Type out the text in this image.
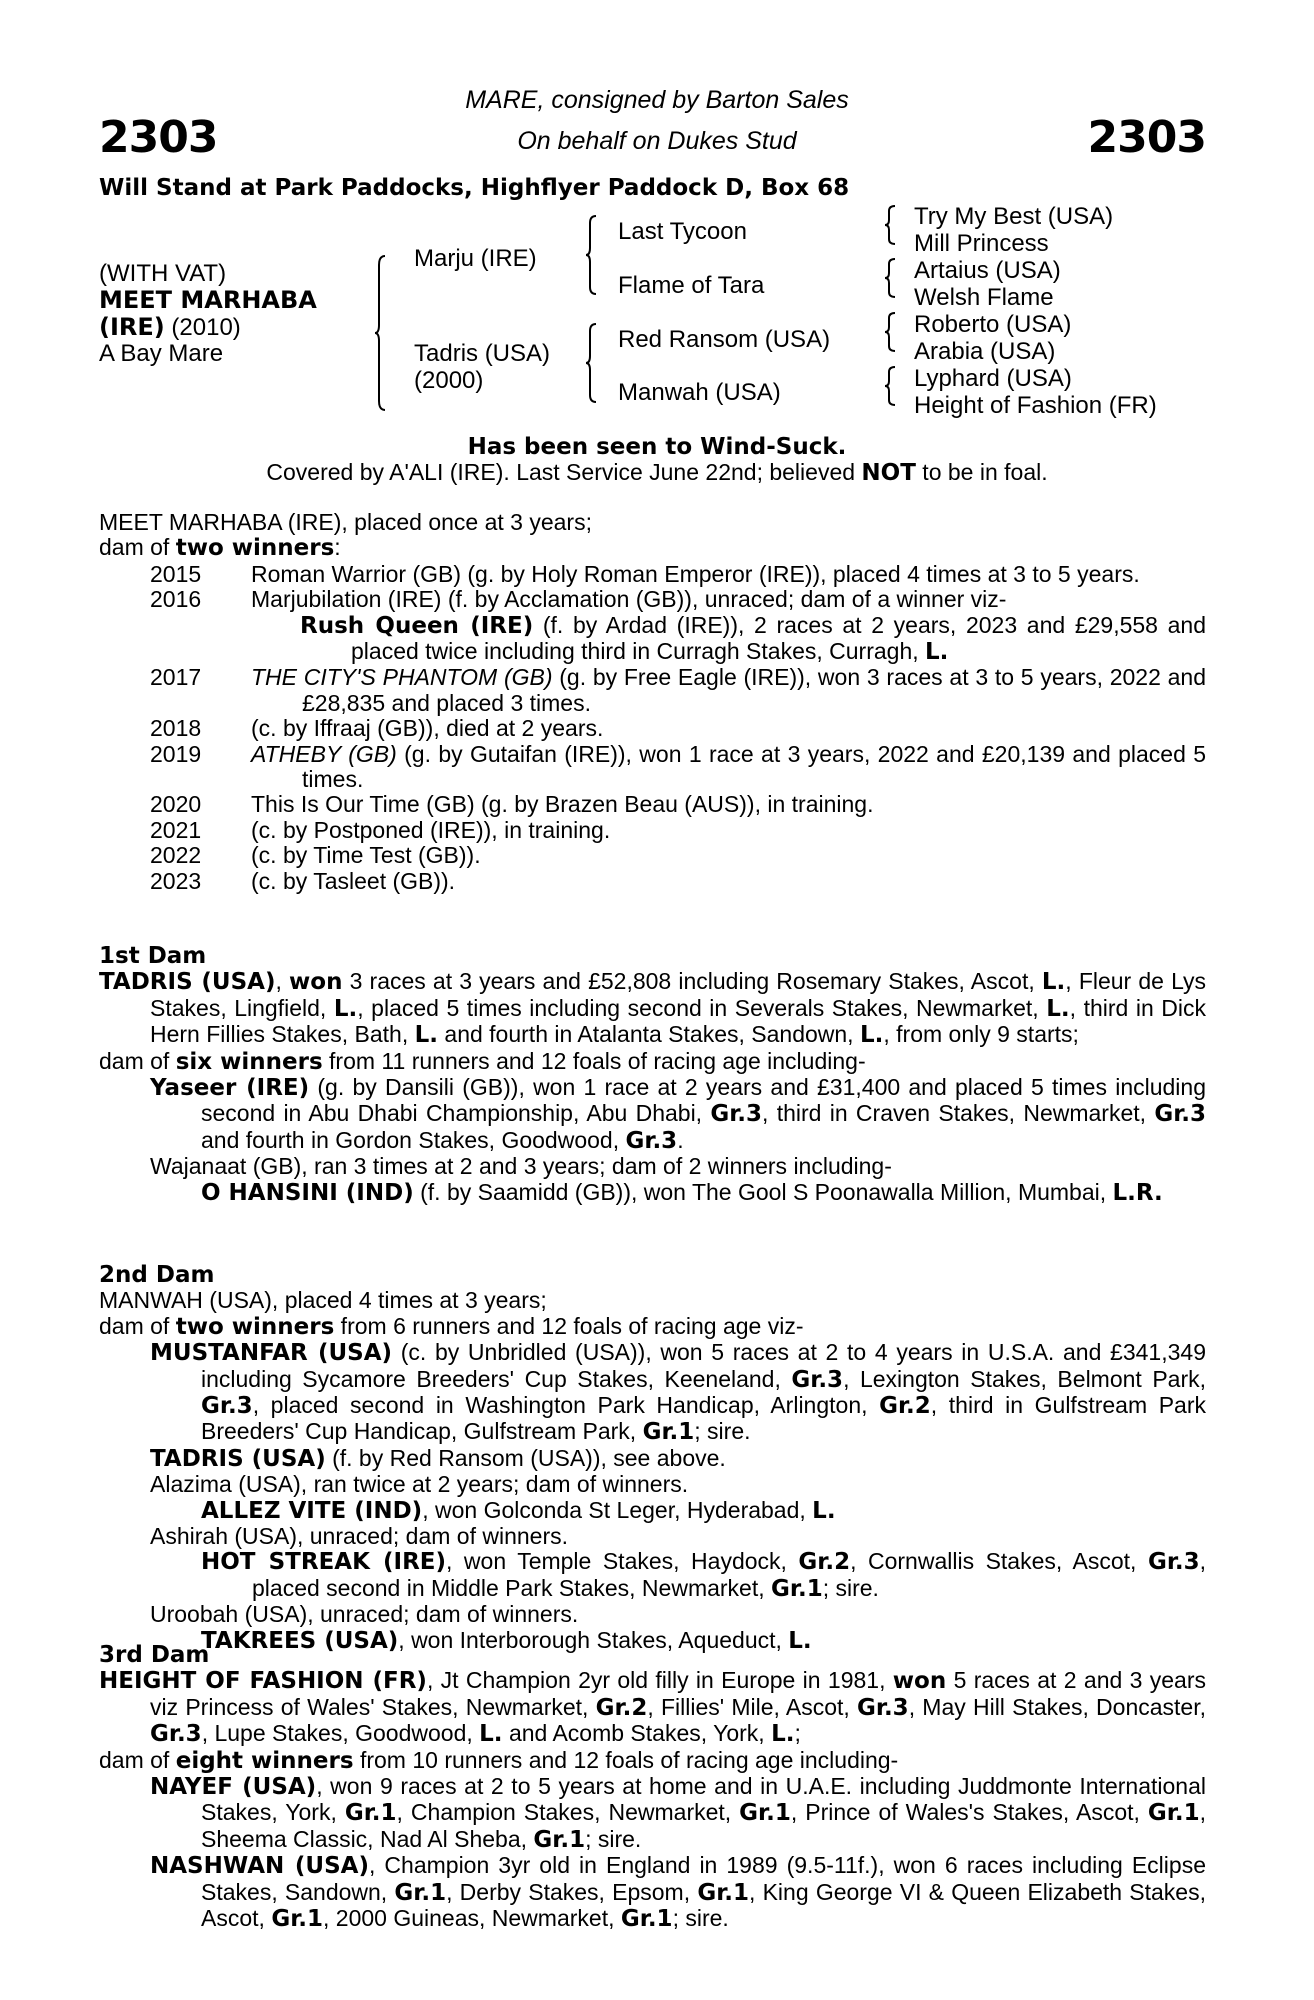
2303	2303
MARE, consigned by Barton Sales
On behalf on Dukes Stud
Will Stand at Park Paddocks, Highflyer Paddock D, Box 68
(WITH VAT)
MEET MARHABA
(IRE) (2010)
A Bay Mare
Marju (IRE)
Tadris (USA)
(2000)
Last Tycoon
Flame of Tara
Red Ransom (USA)
Manwah (USA)
Try My Best (USA)
Mill Princess
Artaius (USA)
Welsh Flame
Roberto (USA)
Arabia (USA)
Lyphard (USA)
Height of Fashion (FR)
Has been seen to Wind-Suck.
Covered by A'ALI (IRE). Last Service June 22nd; believed NOT to be in foal.

MEET MARHABA (IRE), placed once at 3 years;

dam of two winners:

2015	Roman Warrior (GB) (g. by Holy Roman Emperor (IRE)), placed 4 times at 3 to 5 years.
2016	Marjubilation (IRE) (f. by Acclamation (GB)), unraced; dam of a winner viz-

Rush Queen (IRE) (f. by Ardad (IRE)), 2 races at 2 years, 2023 and £29,558 and placed twice including third in Curragh Stakes, Curragh, L.

2017	THE CITY'S PHANTOM (GB) (g. by Free Eagle (IRE)), won 3 races at 3 to 5 years, 2022 and £28,835 and placed 3 times.
2018	(c. by Iffraaj (GB)), died at 2 years.
2019	ATHEBY (GB) (g. by Gutaifan (IRE)), won 1 race at 3 years, 2022 and £20,139 and placed 5 times.
2020	This Is Our Time (GB) (g. by Brazen Beau (AUS)), in training.
2021	(c. by Postponed (IRE)), in training.
2022	(c. by Time Test (GB)).
2023	(c. by Tasleet (GB)).

1st Dam

TADRIS (USA), won 3 races at 3 years and £52,808 including Rosemary Stakes, Ascot, L., Fleur de Lys Stakes, Lingfield, L., placed 5 times including second in Severals Stakes, Newmarket, L., third in Dick Hern Fillies Stakes, Bath, L. and fourth in Atalanta Stakes, Sandown, L., from only 9 starts;

dam of six winners from 11 runners and 12 foals of racing age including-

Yaseer (IRE) (g. by Dansili (GB)), won 1 race at 2 years and £31,400 and placed 5 times including second in Abu Dhabi Championship, Abu Dhabi, Gr.3, third in Craven Stakes, Newmarket, Gr.3 and fourth in Gordon Stakes, Goodwood, Gr.3.

Wajanaat (GB), ran 3 times at 2 and 3 years; dam of 2 winners including-

O HANSINI (IND) (f. by Saamidd (GB)), won The Gool S Poonawalla Million, Mumbai, L.R.

2nd Dam

MANWAH (USA), placed 4 times at 3 years;

dam of two winners from 6 runners and 12 foals of racing age viz-

MUSTANFAR (USA) (c. by Unbridled (USA)), won 5 races at 2 to 4 years in U.S.A. and £341,349 including Sycamore Breeders' Cup Stakes, Keeneland, Gr.3, Lexington Stakes, Belmont Park, Gr.3, placed second in Washington Park Handicap, Arlington, Gr.2, third in Gulfstream Park Breeders' Cup Handicap, Gulfstream Park, Gr.1; sire.

TADRIS (USA) (f. by Red Ransom (USA)), see above.

Alazima (USA), ran twice at 2 years; dam of winners.

ALLEZ VITE (IND), won Golconda St Leger, Hyderabad, L.

Ashirah (USA), unraced; dam of winners.

HOT STREAK (IRE), won Temple Stakes, Haydock, Gr.2, Cornwallis Stakes, Ascot, Gr.3, placed second in Middle Park Stakes, Newmarket, Gr.1; sire.

Uroobah (USA), unraced; dam of winners.

TAKREES (USA), won Interborough Stakes, Aqueduct, L.

3rd Dam

HEIGHT OF FASHION (FR), Jt Champion 2yr old filly in Europe in 1981, won 5 races at 2 and 3 years viz Princess of Wales' Stakes, Newmarket, Gr.2, Fillies' Mile, Ascot, Gr.3, May Hill Stakes, Doncaster, Gr.3, Lupe Stakes, Goodwood, L. and Acomb Stakes, York, L.;

dam of eight winners from 10 runners and 12 foals of racing age including-

NAYEF (USA), won 9 races at 2 to 5 years at home and in U.A.E. including Juddmonte International Stakes, York, Gr.1, Champion Stakes, Newmarket, Gr.1, Prince of Wales's Stakes, Ascot, Gr.1, Sheema Classic, Nad Al Sheba, Gr.1; sire.

NASHWAN (USA), Champion 3yr old in England in 1989 (9.5-11f.), won 6 races including Eclipse Stakes, Sandown, Gr.1, Derby Stakes, Epsom, Gr.1, King George VI & Queen Elizabeth Stakes, Ascot, Gr.1, 2000 Guineas, Newmarket, Gr.1; sire.
